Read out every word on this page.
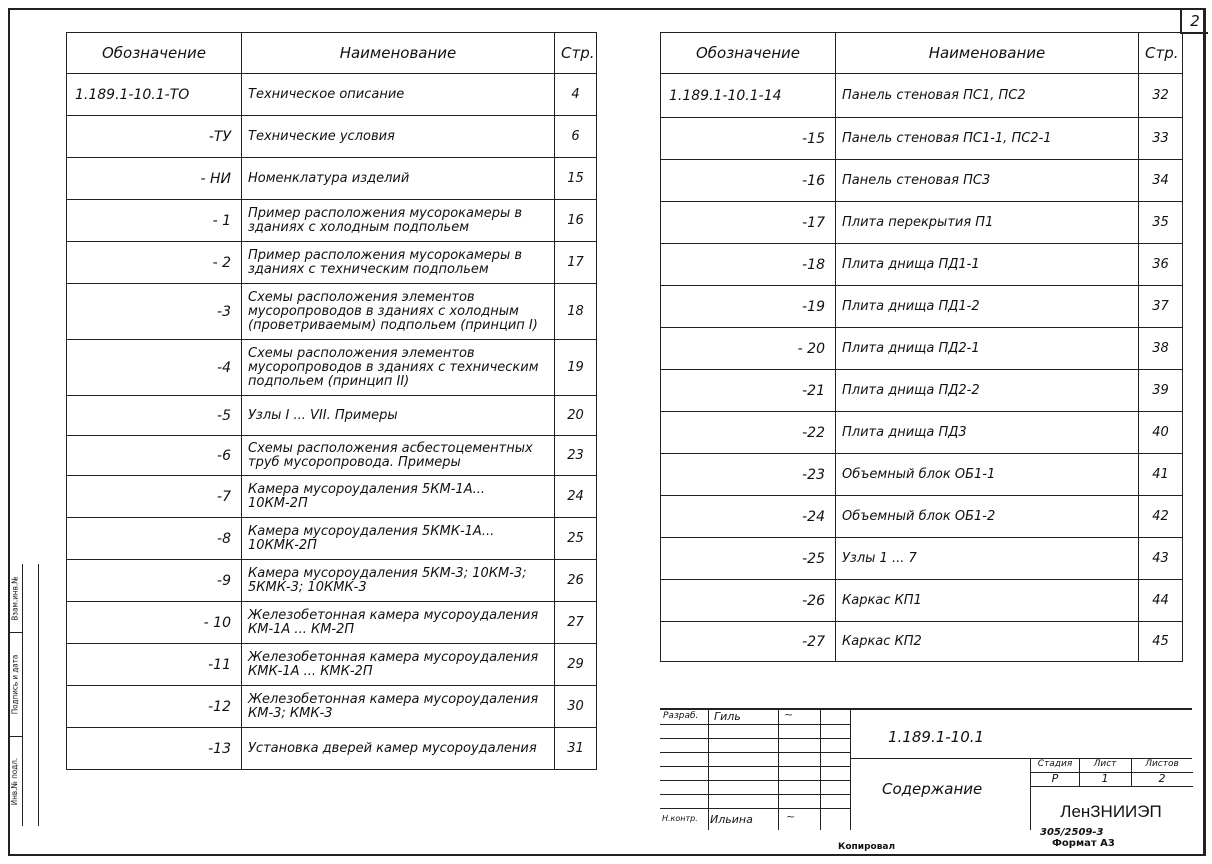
2
Взам.инв.№
Подпись и дата
Инв.№ подл.
Обозначение	Наименование	Стр.
1.189.1-10.1-ТО	Техническое описание	4
-ТУ	Технические условия	6
- НИ	Номенклатура изделий	15
- 1	Пример расположения мусорокамеры в зданиях с холодным подпольем	16
- 2	Пример расположения мусорокамеры в зданиях с техническим подпольем	17
-3	Схемы расположения элементов мусоропроводов в зданиях с холодным (проветриваемым) подпольем (принцип I)	18
-4	Схемы расположения элементов мусоропроводов в зданиях с техническим подпольем (принцип II)	19
-5	Узлы I ... VII. Примеры	20
-6	Схемы расположения асбестоцементных труб мусоропровода. Примеры	23
-7	Камера мусороудаления 5КМ-1А... 10КМ-2П	24
-8	Камера мусороудаления 5КМК-1А... 10КМК-2П	25
-9	Камера мусороудаления 5КМ-3; 10КМ-3; 5КМК-3; 10КМК-3	26
- 10	Железобетонная камера мусороудаления КМ-1А ... КМ-2П	27
-11	Железобетонная камера мусороудаления КМК-1А ... КМК-2П	29
-12	Железобетонная камера мусороудаления КМ-3; КМК-3	30
-13	Установка дверей камер мусороудаления	31
Обозначение	Наименование	Стр.
1.189.1-10.1-14	Панель стеновая ПС1, ПС2	32
-15	Панель стеновая ПС1-1, ПС2-1	33
-16	Панель стеновая ПС3	34
-17	Плита перекрытия П1	35
-18	Плита днища ПД1-1	36
-19	Плита днища ПД1-2	37
- 20	Плита днища ПД2-1	38
-21	Плита днища ПД2-2	39
-22	Плита днища ПД3	40
-23	Объемный блок ОБ1-1	41
-24	Объемный блок ОБ1-2	42
-25	Узлы 1 ... 7	43
-26	Каркас КП1	44
-27	Каркас КП2	45
Разраб. Гиль	~
Н.контр. Ильина	~
1.189.1-10.1
Содержание
Стадия	Лист	Листов
Р	1	2
ЛенЗНИИЭП
305/2509-3
Копировал	Формат А3
